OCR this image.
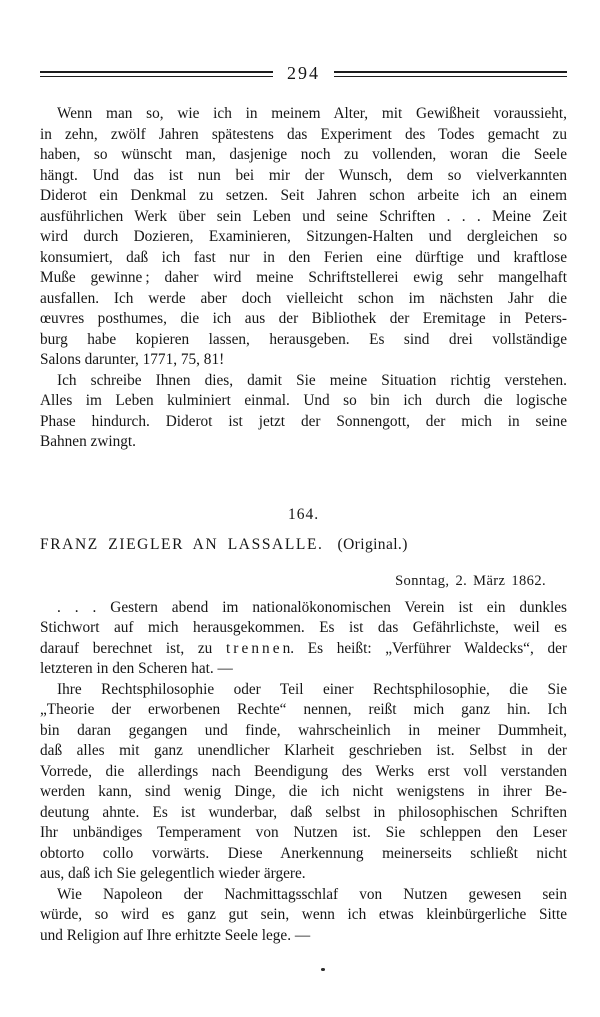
294
Wenn man so, wie ich in meinem Alter, mit Gewißheit voraussieht,
in zehn, zwölf Jahren spätestens das Experiment des Todes gemacht zu
haben, so wünscht man, dasjenige noch zu vollenden, woran die Seele
hängt. Und das ist nun bei mir der Wunsch, dem so vielverkannten
Diderot ein Denkmal zu setzen. Seit Jahren schon arbeite ich an einem
ausführlichen Werk über sein Leben und seine Schriften . . . Meine Zeit
wird durch Dozieren, Examinieren, Sitzungen-Halten und dergleichen so
konsumiert, daß ich fast nur in den Ferien eine dürftige und kraftlose
Muße gewinne ; daher wird meine Schriftstellerei ewig sehr mangelhaft
ausfallen. Ich werde aber doch vielleicht schon im nächsten Jahr die
œuvres posthumes, die ich aus der Bibliothek der Eremitage in Peters-
burg habe kopieren lassen, herausgeben. Es sind drei vollständige
Salons darunter, 1771, 75, 81!
Ich schreibe Ihnen dies, damit Sie meine Situation richtig verstehen.
Alles im Leben kulminiert einmal. Und so bin ich durch die logische
Phase hindurch. Diderot ist jetzt der Sonnengott, der mich in seine
Bahnen zwingt.
164.
FRANZ ZIEGLER AN LASSALLE. (Original.)
Sonntag, 2. März 1862.
. . . Gestern abend im nationalökonomischen Verein ist ein dunkles
Stichwort auf mich herausgekommen. Es ist das Gefährlichste, weil es
darauf berechnet ist, zu t r e n n e n. Es heißt: „Verführer Waldecks“, der
letzteren in den Scheren hat. —
Ihre Rechtsphilosophie oder Teil einer Rechtsphilosophie, die Sie
„Theorie der erworbenen Rechte“ nennen, reißt mich ganz hin. Ich
bin daran gegangen und finde, wahrscheinlich in meiner Dummheit,
daß alles mit ganz unendlicher Klarheit geschrieben ist. Selbst in der
Vorrede, die allerdings nach Beendigung des Werks erst voll verstanden
werden kann, sind wenig Dinge, die ich nicht wenigstens in ihrer Be-
deutung ahnte. Es ist wunderbar, daß selbst in philosophischen Schriften
Ihr unbändiges Temperament von Nutzen ist. Sie schleppen den Leser
obtorto collo vorwärts. Diese Anerkennung meinerseits schließt nicht
aus, daß ich Sie gelegentlich wieder ärgere.
Wie Napoleon der Nachmittagsschlaf von Nutzen gewesen sein
würde, so wird es ganz gut sein, wenn ich etwas kleinbürgerliche Sitte
und Religion auf Ihre erhitzte Seele lege. —
